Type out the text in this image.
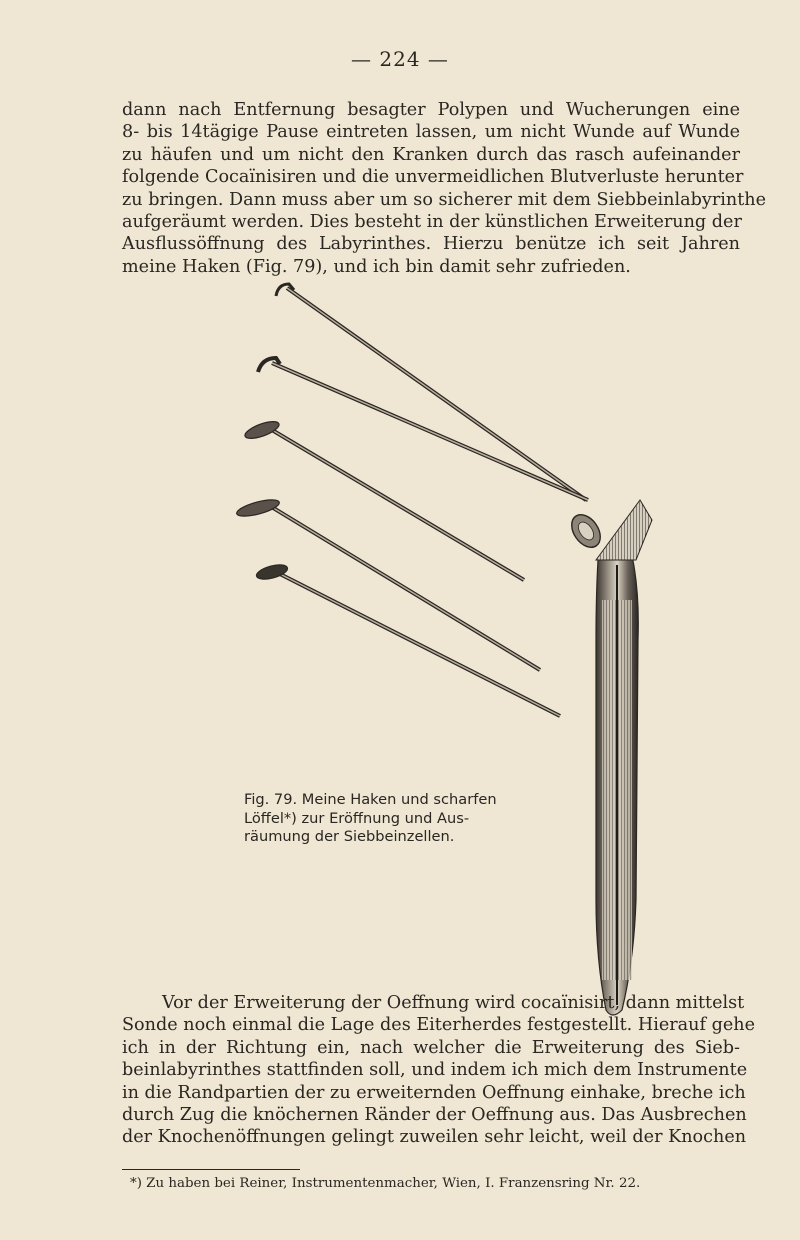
— 224 —

dann nach Entfernung besagter Polypen und Wucherungen eine
8- bis 14tägige Pause eintreten lassen, um nicht Wunde auf Wunde
zu häufen und um nicht den Kranken durch das rasch aufeinander
folgende Cocaïnisiren und die unvermeidlichen Blutverluste herunter
zu bringen. Dann muss aber um so sicherer mit dem Siebbeinlabyrinthe
aufgeräumt werden. Dies besteht in der künstlichen Erweiterung der
Ausflussöffnung des Labyrinthes. Hierzu benütze ich seit Jahren
meine Haken (Fig. 79), und ich bin damit sehr zufrieden.

Fig. 79. Meine Haken und scharfen
Löffel*) zur Eröffnung und Aus-
räumung der Siebbeinzellen.

Vor der Erweiterung der Oeffnung wird cocaïnisirt, dann mittelst
Sonde noch einmal die Lage des Eiterherdes festgestellt. Hierauf gehe
ich in der Richtung ein, nach welcher die Erweiterung des Sieb-
beinlabyrinthes stattfinden soll, und indem ich mich dem Instrumente
in die Randpartien der zu erweiternden Oeffnung einhake, breche ich
durch Zug die knöchernen Ränder der Oeffnung aus. Das Ausbrechen
der Knochenöffnungen gelingt zuweilen sehr leicht, weil der Knochen

*) Zu haben bei Reiner, Instrumentenmacher, Wien, I. Franzensring Nr. 22.
